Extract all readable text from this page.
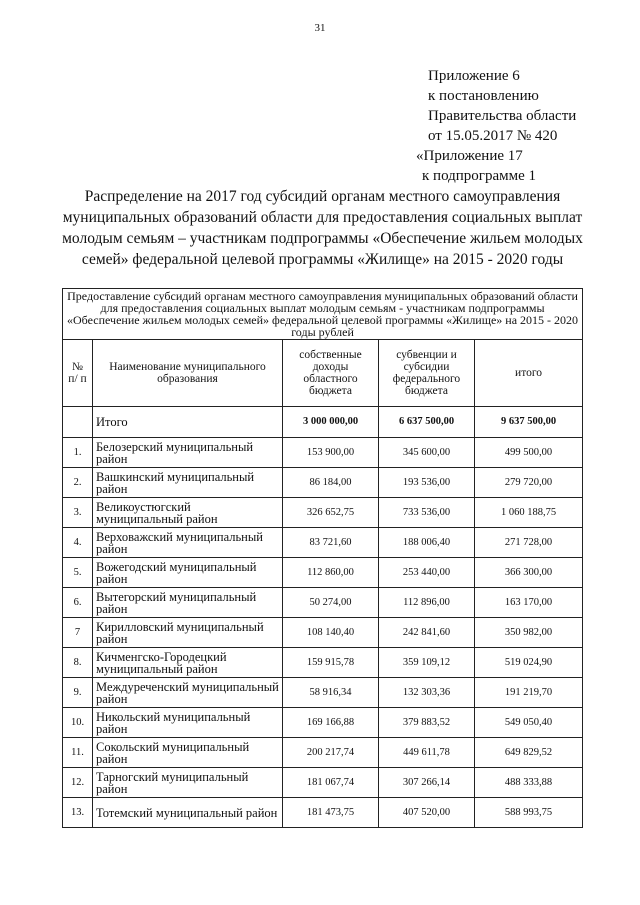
31
Приложение 6
к постановлению
Правительства области
от 15.05.2017 № 420
«Приложение 17
к подпрограмме 1
Распределение на 2017 год субсидий органам местного самоуправления муниципальных образований области для предоставления социальных выплат молодым семьям – участникам подпрограммы «Обеспечение жильем молодых семей» федеральной целевой программы «Жилище» на 2015 - 2020 годы
Предоставление субсидий органам местного самоуправления муниципальных образований области для предоставления социальных выплат молодым семьям - участникам подпрограммы «Обеспечение жильем молодых семей» федеральной целевой программы «Жилище» на 2015 - 2020 годы рублей				
№ п/ п	Наименование муниципального образования	собственные доходы областного бюджета	субвенции и субсидии федерального бюджета	итого
	Итого	3 000 000,00	6 637 500,00	9 637 500,00
1.	Белозерский муниципальный район	153 900,00	345 600,00	499 500,00
2.	Вашкинский муниципальный район	86 184,00	193 536,00	279 720,00
3.	Великоустюгский муниципальный район	326 652,75	733 536,00	1 060 188,75
4.	Верховажский муниципальный район	83 721,60	188 006,40	271 728,00
5.	Вожегодский муниципальный район	112 860,00	253 440,00	366 300,00
6.	Вытегорский муниципальный район	50 274,00	112 896,00	163 170,00
7	Кирилловский муниципальный район	108 140,40	242 841,60	350 982,00
8.	Кичменгско-Городецкий муниципальный район	159 915,78	359 109,12	519 024,90
9.	Междуреченский муниципальный район	58 916,34	132 303,36	191 219,70
10.	Никольский муниципальный район	169 166,88	379 883,52	549 050,40
11.	Сокольский муниципальный район	200 217,74	449 611,78	649 829,52
12.	Тарногский муниципальный район	181 067,74	307 266,14	488 333,88
13.	Тотемский муниципальный район	181 473,75	407 520,00	588 993,75
